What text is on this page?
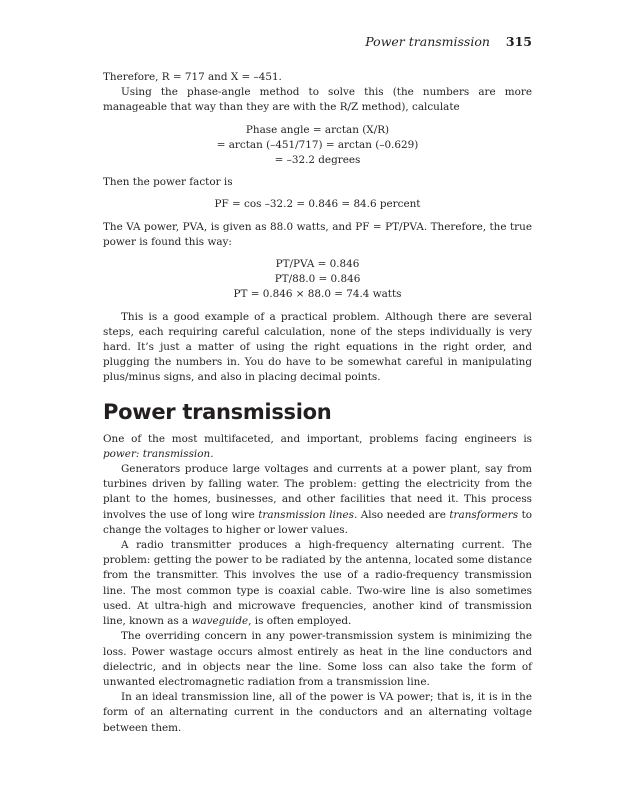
Power transmission 315

Therefore, R = 717 and X = –451.

Using the phase-angle method to solve this (the numbers are more manageable that way than they are with the R/Z method), calculate

Phase angle = arctan (X/R)
= arctan (–451/717) = arctan (–0.629)
= –32.2 degrees

Then the power factor is

PF = cos –32.2 = 0.846 = 84.6 percent

The VA power, PVA, is given as 88.0 watts, and PF = PT/PVA. Therefore, the true power is found this way:

PT/PVA = 0.846
PT/88.0 = 0.846
PT = 0.846 × 88.0 = 74.4 watts

This is a good example of a practical problem. Although there are several steps, each requiring careful calculation, none of the steps individually is very hard. It’s just a matter of using the right equations in the right order, and plugging the numbers in. You do have to be somewhat careful in manipulating plus/minus signs, and also in placing decimal points.

Power transmission

One of the most multifaceted, and important, problems facing engineers is power: transmission.

Generators produce large voltages and currents at a power plant, say from turbines driven by falling water. The problem: getting the electricity from the plant to the homes, businesses, and other facilities that need it. This process involves the use of long wire transmission lines. Also needed are transformers to change the voltages to higher or lower values.

A radio transmitter produces a high-frequency alternating current. The problem: getting the power to be radiated by the antenna, located some distance from the transmitter. This involves the use of a radio-frequency transmission line. The most common type is coaxial cable. Two-wire line is also sometimes used. At ultra-high and microwave frequencies, another kind of transmission line, known as a waveguide, is often employed.

The overriding concern in any power-transmission system is minimizing the loss. Power wastage occurs almost entirely as heat in the line conductors and dielectric, and in objects near the line. Some loss can also take the form of unwanted electromagnetic radiation from a transmission line.

In an ideal transmission line, all of the power is VA power; that is, it is in the form of an alternating current in the conductors and an alternating voltage between them.
